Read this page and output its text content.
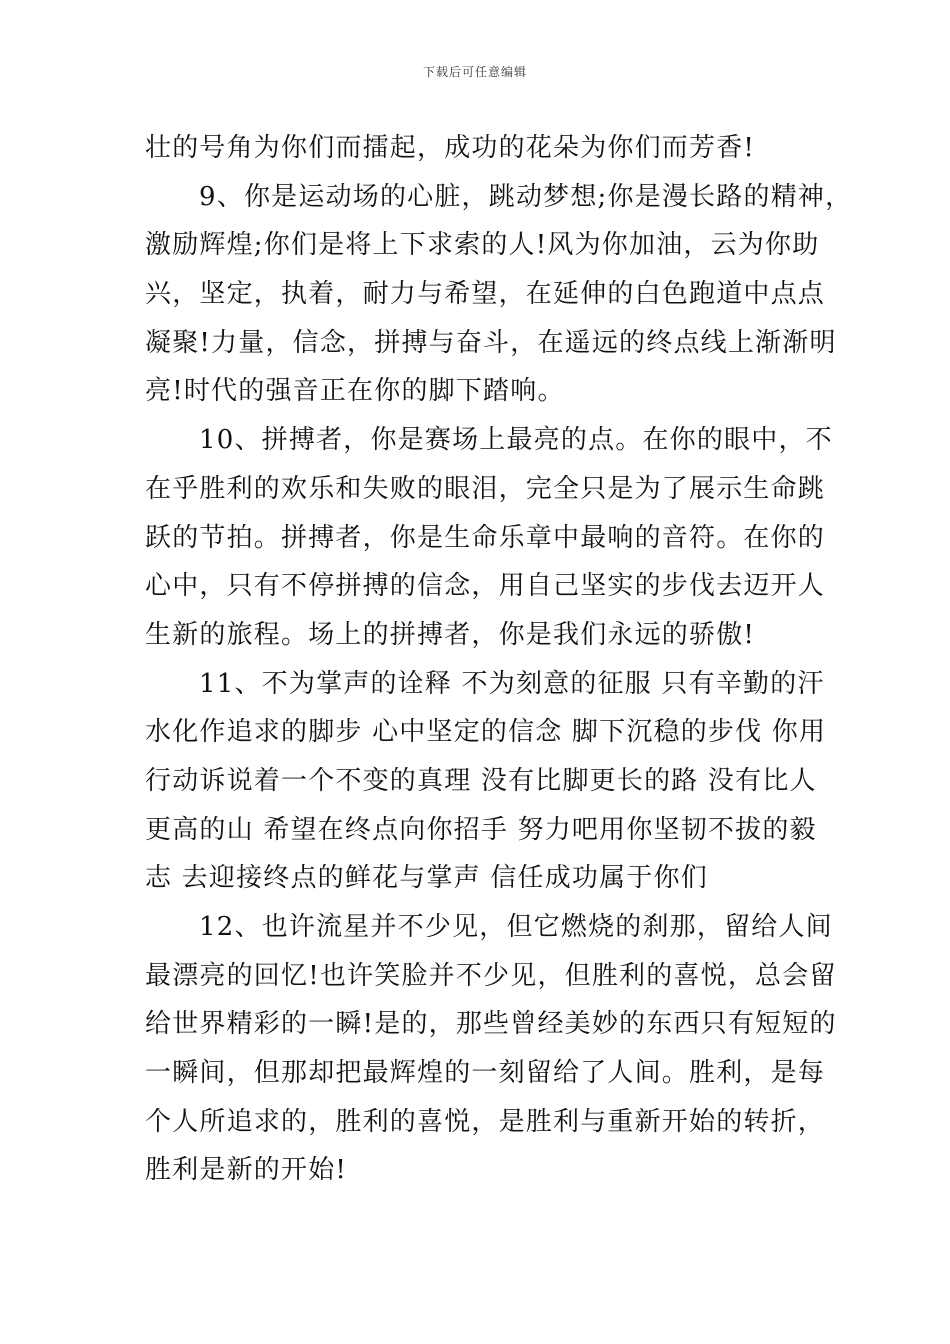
下载后可任意编辑
壮的号角为你们而擂起，成功的花朵为你们而芳香!
9、你是运动场的心脏，跳动梦想;你是漫长路的精神，
激励辉煌;你们是将上下求索的人!风为你加油，云为你助
兴，坚定，执着，耐力与希望，在延伸的白色跑道中点点
凝聚!力量，信念，拼搏与奋斗，在遥远的终点线上渐渐明
亮!时代的强音正在你的脚下踏响。
10、拼搏者，你是赛场上最亮的点。在你的眼中，不
在乎胜利的欢乐和失败的眼泪，完全只是为了展示生命跳
跃的节拍。拼搏者，你是生命乐章中最响的音符。在你的
心中，只有不停拼搏的信念，用自己坚实的步伐去迈开人
生新的旅程。场上的拼搏者，你是我们永远的骄傲!
11、不为掌声的诠释 不为刻意的征服 只有辛勤的汗
水化作追求的脚步 心中坚定的信念 脚下沉稳的步伐 你用
行动诉说着一个不变的真理 没有比脚更长的路 没有比人
更高的山 希望在终点向你招手 努力吧用你坚韧不拔的毅
志 去迎接终点的鲜花与掌声 信任成功属于你们
12、也许流星并不少见，但它燃烧的刹那，留给人间
最漂亮的回忆!也许笑脸并不少见，但胜利的喜悦，总会留
给世界精彩的一瞬!是的，那些曾经美妙的东西只有短短的
一瞬间，但那却把最辉煌的一刻留给了人间。胜利，是每
个人所追求的，胜利的喜悦，是胜利与重新开始的转折，
胜利是新的开始!
